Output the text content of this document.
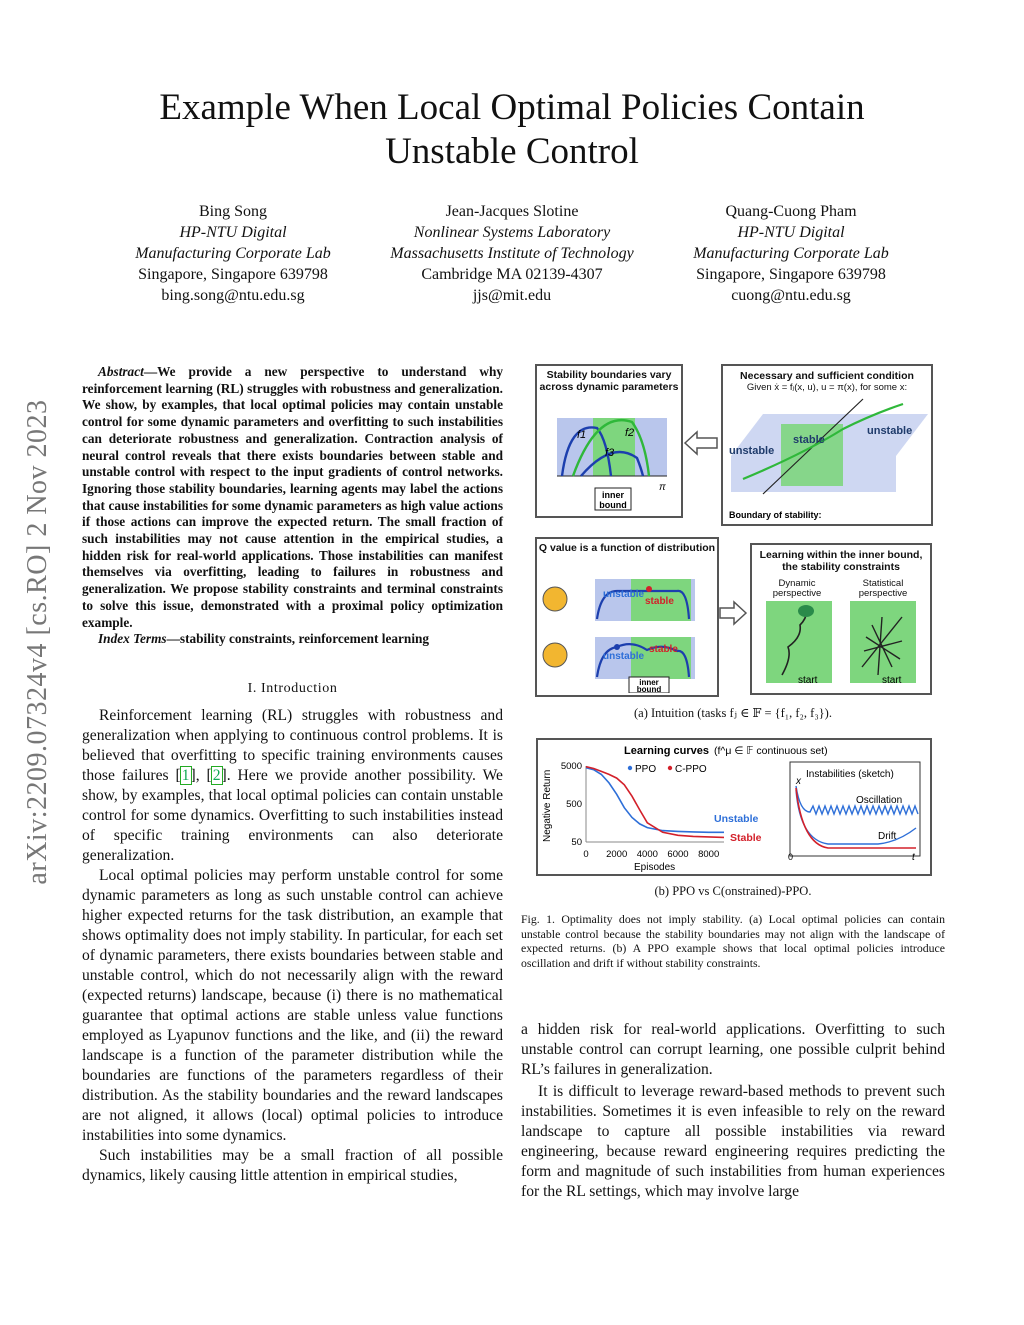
arXiv:2209.07324v4 [cs.RO] 2 Nov 2023
Example When Local Optimal Policies Contain
Unstable Control
Bing Song
HP-NTU Digital
Manufacturing Corporate Lab
Singapore, Singapore 639798
bing.song@ntu.edu.sg
Jean-Jacques Slotine
Nonlinear Systems Laboratory
Massachusetts Institute of Technology
Cambridge MA 02139-4307
jjs@mit.edu
Quang-Cuong Pham
HP-NTU Digital
Manufacturing Corporate Lab
Singapore, Singapore 639798
cuong@ntu.edu.sg

Abstract—We provide a new perspective to understand why reinforcement learning (RL) struggles with robustness and generalization. We show, by examples, that local optimal policies may contain unstable control for some dynamic parameters and overfitting to such instabilities can deteriorate robustness and generalization. Contraction analysis of neural control reveals that there exists boundaries between stable and unstable control with respect to the input gradients of control networks. Ignoring those stability boundaries, learning agents may label the actions that cause instabilities for some dynamic parameters as high value actions if those actions can improve the expected return. The small fraction of such instabilities may not cause attention in the empirical studies, a hidden risk for real-world applications. Those instabilities can manifest themselves via overfitting, leading to failures in robustness and generalization. We propose stability constraints and terminal constraints to solve this issue, demonstrated with a proximal policy optimization example.

Index Terms—stability constraints, reinforcement learning

I. Introduction

Reinforcement learning (RL) struggles with robustness and generalization when applying to continuous control problems. It is believed that overfitting to specific training environments causes those failures [1], [2]. Here we provide another possibility. We show, by examples, that local optimal policies can contain unstable control for some dynamics. Overfitting to such instabilities instead of specific training environments can also deteriorate generalization.

Local optimal policies may perform unstable control for some dynamic parameters as long as such unstable control can achieve higher expected returns for the task distribution, an example that shows optimality does not imply stability. In particular, for each set of dynamic parameters, there exists boundaries between stable and unstable control, which do not necessarily align with the reward (expected returns) landscape, because (i) there is no mathematical guarantee that optimal actions are stable unless value functions employed as Lyapunov functions and the like, and (ii) the reward landscape is a function of the parameter distribution while the boundaries are functions of the parameters regardless of their distribution. As the stability boundaries and the reward landscapes are not aligned, it allows (local) optimal policies to introduce instabilities into some dynamics.

Such instabilities may be a small fraction of all possible dynamics, likely causing little attention in empirical studies,

a hidden risk for real-world applications. Overfitting to such unstable control can corrupt learning, one possible culprit behind RL’s failures in generalization.

It is difficult to leverage reward-based methods to prevent such instabilities. Sometimes it is even infeasible to rely on the reward landscape to capture all possible instabilities via reward engineering, because reward engineering requires predicting the form and magnitude of such instabilities from human experiences for the RL settings, which may involve large

Stability boundaries vary
across dynamic parameters
f1	f2
f3
π
inner
bound
Necessary and sufficient condition
Given ẋ = fⱼ(x, u), u = π(x), for some x:
stable
unstable
unstable
Boundary of stability:
Q value is a function of distribution
unstable
stable
unstable
stable
inner
bound
Learning within the inner bound,
the stability constraints
Dynamic perspective
Statistical perspective
start	start
(a) Intuition (tasks fⱼ ∈ 𝔽 = {f₁, f₂, f₃}).
Learning curves (f^μ ∈ 𝔽 continuous set)
Negative Return
Episodes
5000
500
50
0 2000 4000 6000 8000
PPO C-PPO
Unstable
Stable
Instabilities (sketch)
Oscillation
Drift
x
0	t
(b) PPO vs C(onstrained)-PPO.
Fig. 1. Optimality does not imply stability. (a) Local optimal policies can contain unstable control because the stability boundaries may not align with the landscape of expected returns. (b) A PPO example shows that local optimal policies introduce oscillation and drift if without stability constraints.
